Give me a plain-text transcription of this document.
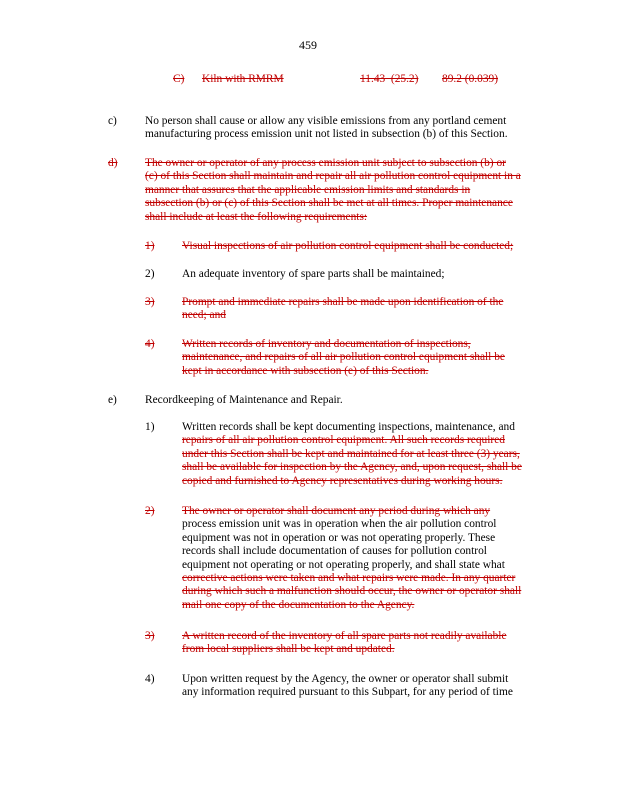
459
C) Kiln with RMRM	11.43  (25.2) 89.2 (0.039)
c) No person shall cause or allow any visible emissions from any portland cement
manufacturing process emission unit not listed in subsection (b) of this Section.
d) The owner or operator of any process emission unit subject to subsection (b) or
(c) of this Section shall maintain and repair all air pollution control equipment in a
manner that assures that the applicable emission limits and standards in
subsection (b) or (c) of this Section shall be met at all times. Proper maintenance
shall include at least the following requirements:
1) Visual inspections of air pollution control equipment shall be conducted;
2) An adequate inventory of spare parts shall be maintained;
3) Prompt and immediate repairs shall be made upon identification of the
need; and
4) Written records of inventory and documentation of inspections,
maintenance, and repairs of all air pollution control equipment shall be
kept in accordance with subsection (e) of this Section.
e) Recordkeeping of Maintenance and Repair.
1) Written records shall be kept documenting inspections, maintenance, and
repairs of all air pollution control equipment. All such records required
under this Section shall be kept and maintained for at least three (3) years,
shall be available for inspection by the Agency, and, upon request, shall be
copied and furnished to Agency representatives during working hours.
2) The owner or operator shall document any period during which any
process emission unit was in operation when the air pollution control
equipment was not in operation or was not operating properly. These
records shall include documentation of causes for pollution control
equipment not operating or not operating properly, and shall state what
corrective actions were taken and what repairs were made. In any quarter
during which such a malfunction should occur, the owner or operator shall
mail one copy of the documentation to the Agency.
3) A written record of the inventory of all spare parts not readily available
from local suppliers shall be kept and updated.
4) Upon written request by the Agency, the owner or operator shall submit
any information required pursuant to this Subpart, for any period of time
